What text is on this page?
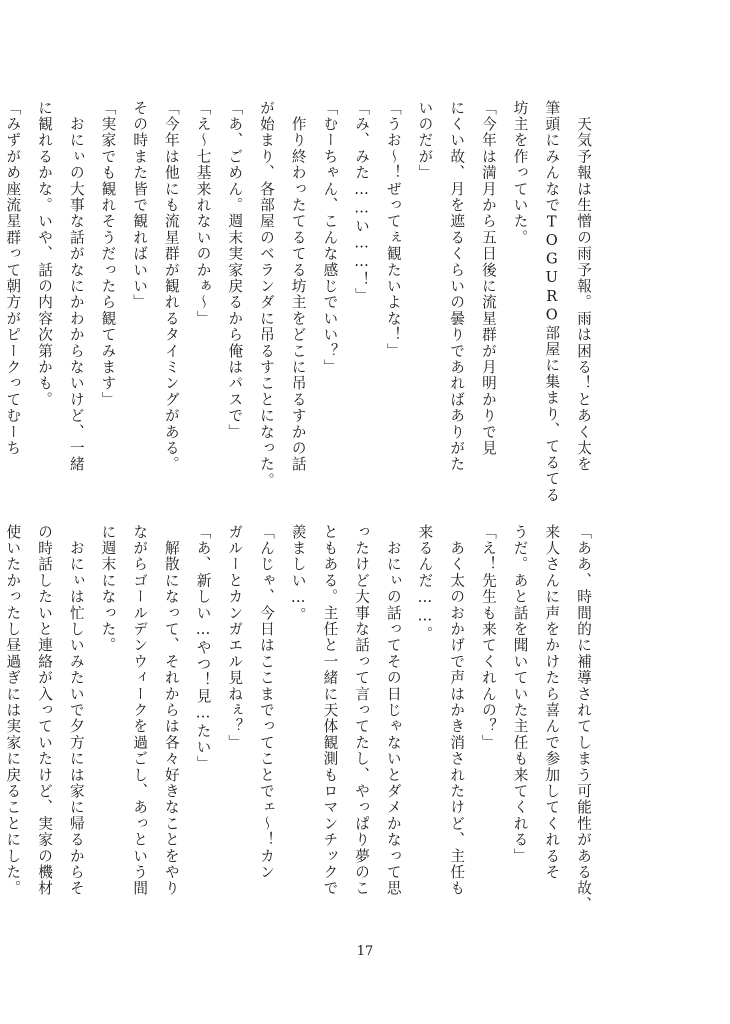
　天気予報は生憎の雨予報。雨は困る！とあく太を
筆頭にみんなでTOGURO部屋に集まり、てるてる
坊主を作っていた。
「今年は満月から五日後に流星群が月明かりで見
にくい故、月を遮るくらいの曇りであればありがた
いのだが」
「うお～！ぜってぇ観たいよな！」
「み、みた……い……！」
「むーちゃん、こんな感じでいい？」
　作り終わったてるてる坊主をどこに吊るすかの話
が始まり、各部屋のベランダに吊るすことになった。
「あ、ごめん。週末実家戻るから俺はパスで」
「え～七基来れないのかぁ～」
「今年は他にも流星群が観れるタイミングがある。
その時また皆で観ればいい」
「実家でも観れそうだったら観てみます」
　おにぃの大事な話がなにかわからないけど、一緒
に観れるかな。いや、話の内容次第かも。
「みずがめ座流星群って朝方がピークってむーち
「ああ、時間的に補導されてしまう可能性がある故、
来人さんに声をかけたら喜んで参加してくれるそ
うだ。あと話を聞いていた主任も来てくれる」
「え！先生も来てくれんの？」
　あく太のおかげで声はかき消されたけど、主任も
来るんだ……。
　おにぃの話ってその日じゃないとダメかなって思
ったけど大事な話って言ってたし、やっぱり夢のこ
ともある。主任と一緒に天体観測もロマンチックで
羨ましい…。
「んじゃ、今日はここまでってことでェ～！カン
ガルーとカンガエル見ねぇ？」
「あ、新しい…やつ！見…たい」
　解散になって、それからは各々好きなことをやり
ながらゴールデンウィークを過ごし、あっという間
に週末になった。
　おにぃは忙しいみたいで夕方には家に帰るからそ
の時話したいと連絡が入っていたけど、実家の機材
使いたかったし昼過ぎには実家に戻ることにした。
17
